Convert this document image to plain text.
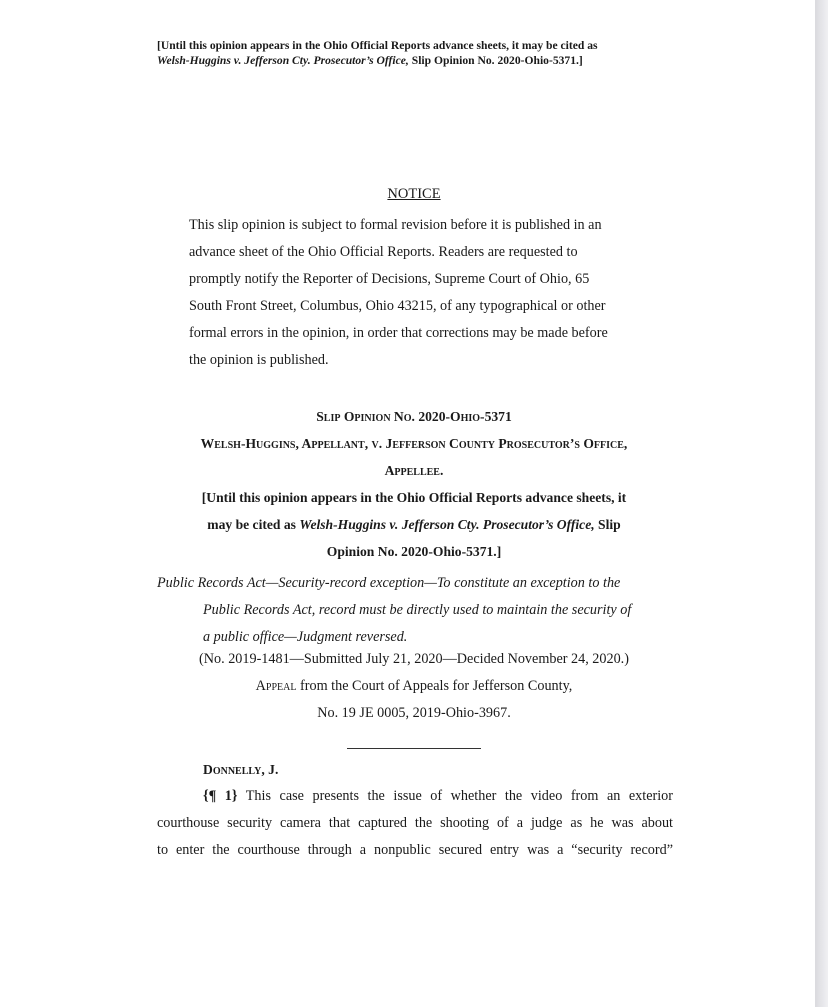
[Until this opinion appears in the Ohio Official Reports advance sheets, it may be cited as
Welsh-Huggins v. Jefferson Cty. Prosecutor’s Office, Slip Opinion No. 2020-Ohio-5371.]
NOTICE
This slip opinion is subject to formal revision before it is published in an
advance sheet of the Ohio Official Reports. Readers are requested to
promptly notify the Reporter of Decisions, Supreme Court of Ohio, 65
South Front Street, Columbus, Ohio 43215, of any typographical or other
formal errors in the opinion, in order that corrections may be made before
the opinion is published.
Slip Opinion No. 2020-Ohio-5371
Welsh-Huggins, Appellant, v. Jefferson County Prosecutor’s Office,
Appellee.
[Until this opinion appears in the Ohio Official Reports advance sheets, it
may be cited as Welsh-Huggins v. Jefferson Cty. Prosecutor’s Office, Slip
Opinion No. 2020-Ohio-5371.]
Public Records Act—Security-record exception—To constitute an exception to the
Public Records Act, record must be directly used to maintain the security of
a public office—Judgment reversed.
(No. 2019-1481—Submitted July 21, 2020—Decided November 24, 2020.)
Appeal from the Court of Appeals for Jefferson County,
No. 19 JE 0005, 2019-Ohio-3967.
Donnelly, J.
{¶ 1} This case presents the issue of whether the video from an exterior
courthouse security camera that captured the shooting of a judge as he was about
to enter the courthouse through a nonpublic secured entry was a “security record”
